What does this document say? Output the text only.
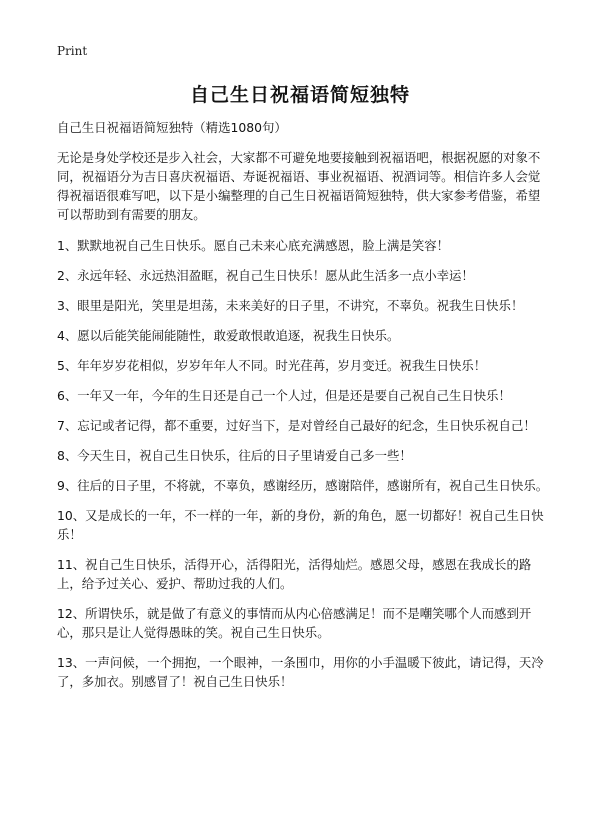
Print
自己生日祝福语简短独特

自己生日祝福语简短独特（精选1080句）

无论是身处学校还是步入社会，大家都不可避免地要接触到祝福语吧，根据祝愿的对象不同，祝福语分为吉日喜庆祝福语、寿诞祝福语、事业祝福语、祝酒词等。相信许多人会觉得祝福语很难写吧，以下是小编整理的自己生日祝福语简短独特，供大家参考借鉴，希望可以帮助到有需要的朋友。

1、默默地祝自己生日快乐。愿自己未来心底充满感恩，脸上满是笑容！
2、永远年轻、永远热泪盈眶，祝自己生日快乐！愿从此生活多一点小幸运！
3、眼里是阳光，笑里是坦荡，未来美好的日子里，不讲究，不辜负。祝我生日快乐！
4、愿以后能笑能闹能随性，敢爱敢恨敢追逐，祝我生日快乐。
5、年年岁岁花相似，岁岁年年人不同。时光荏苒，岁月变迁。祝我生日快乐！
6、一年又一年，今年的生日还是自己一个人过，但是还是要自己祝自己生日快乐！
7、忘记或者记得，都不重要，过好当下，是对曾经自己最好的纪念，生日快乐祝自己！
8、今天生日，祝自己生日快乐，往后的日子里请爱自己多一些！
9、往后的日子里，不将就，不辜负，感谢经历，感谢陪伴，感谢所有，祝自己生日快乐。
10、又是成长的一年，不一样的一年，新的身份，新的角色，愿一切都好！祝自己生日快乐！
11、祝自己生日快乐，活得开心，活得阳光，活得灿烂。感恩父母，感恩在我成长的路上，给予过关心、爱护、帮助过我的人们。
12、所谓快乐，就是做了有意义的事情而从内心倍感满足！而不是嘲笑哪个人而感到开心，那只是让人觉得愚昧的笑。祝自己生日快乐。
13、一声问候，一个拥抱，一个眼神，一条围巾，用你的小手温暖下彼此，请记得，天冷了，多加衣。别感冒了！祝自己生日快乐！
